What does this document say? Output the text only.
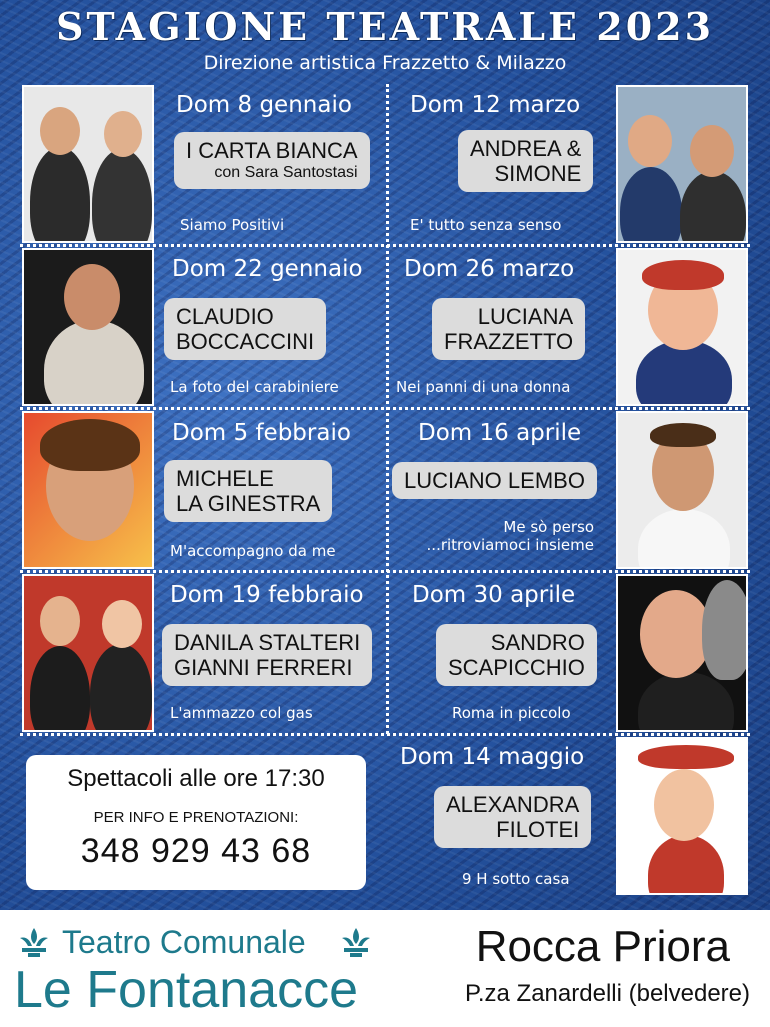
STAGIONE TEATRALE 2023
Direzione artistica Frazzetto & Milazzo
Dom 8 gennaio
I CARTA BIANCA
con Sara Santostasi
Siamo Positivi
Dom 22 gennaio
CLAUDIO
BOCCACCINI
La foto del carabiniere
Dom 5 febbraio
MICHELE
LA GINESTRA
M'accompagno da me
Dom 19 febbraio
DANILA STALTERI
GIANNI FERRERI
L'ammazzo col gas
Dom 12 marzo
ANDREA &
SIMONE
E' tutto senza senso
Dom 26 marzo
LUCIANA
FRAZZETTO
Nei panni di una donna
Dom 16 aprile
LUCIANO LEMBO
Me sò perso
...ritroviamoci insieme
Dom 30 aprile
SANDRO
SCAPICCHIO
Roma in piccolo
Dom 14 maggio
ALEXANDRA
FILOTEI
9 H sotto casa
Spettacoli alle ore 17:30
PER INFO E PRENOTAZIONI:
348 929 43 68
Teatro Comunale
Le Fontanacce
Rocca Priora
P.za Zanardelli (belvedere)
